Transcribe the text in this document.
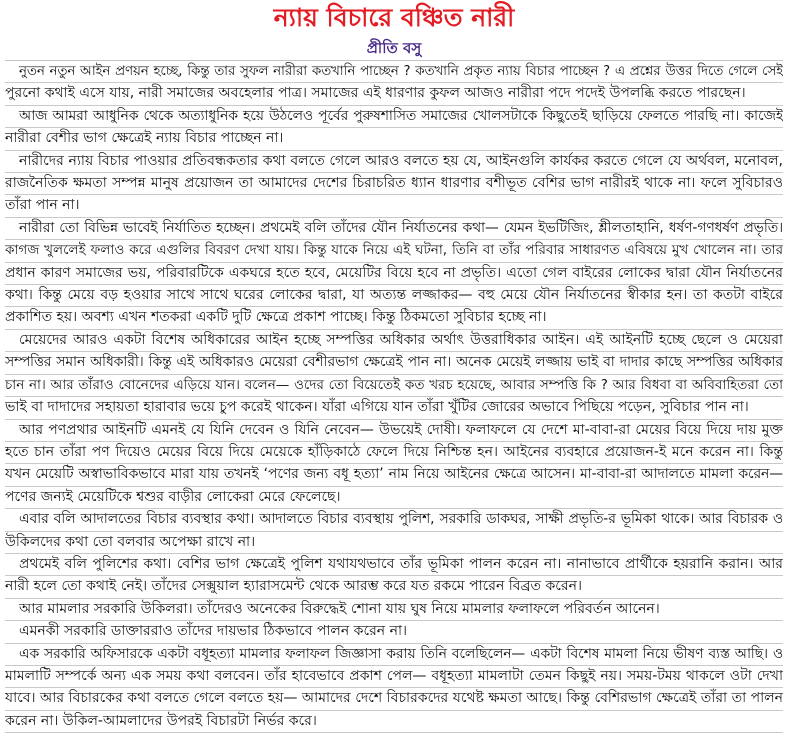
ন্যায় বিচারে বঞ্চিত নারী
প্রীতি বসু
নুতন নতুন আইন প্রণয়ন হচ্ছে, কিন্তু তার সুফল নারীরা কতখানি পাচ্ছেন ? কতখানি প্রকৃত ন্যায় বিচার পাচ্ছেন ? এ প্রশ্নের উত্তর দিতে গেলে সেই
পুরনো কথাই এসে যায়, নারী সমাজের অবহেলার পাত্র। সমাজের এই ধারণার কুফল আজও নারীরা পদে পদেই উপলব্ধি করতে পারছেন।
আজ আমরা আধুনিক থেকে অত্যাধুনিক হয়ে উঠলেও পূর্বের পুরুষশাসিত সমাজের খোলসটাকে কিছুতেই ছাড়িয়ে ফেলতে পারছি না। কাজেই
নারীরা বেশীর ভাগ ক্ষেত্রেই ন্যায় বিচার পাচ্ছেন না।
নারীদের ন্যায় বিচার পাওয়ার প্রতিবন্ধকতার কথা বলতে গেলে আরও বলতে হয় যে, আইনগুলি কার্যকর করতে গেলে যে অর্থবল, মনোবল,
রাজনৈতিক ক্ষমতা সম্পন্ন মানুষ প্রয়োজন তা আমাদের দেশের চিরাচরিত ধ্যান ধারণার বশীভূত বেশির ভাগ নারীরই থাকে না। ফলে সুবিচারও
তাঁরা পান না।
নারীরা তো বিভিন্ন ভাবেই নির্যাতিত হচ্ছেন। প্রথমেই বলি তাঁদের যৌন নির্যাতনের কথা— যেমন ইভটিজিং, শ্লীলতাহানি, ধর্ষণ-গণধর্ষণ প্রভৃতি।
কাগজ খুললেই ফলাও করে এগুলির বিবরণ দেখা যায়। কিন্তু যাকে নিয়ে এই ঘটনা, তিনি বা তাঁর পরিবার সাধারণত এবিষয়ে মুখ খোলেন না। তার
প্রধান কারণ সমাজের ভয়, পরিবারটিকে একঘরে হতে হবে, মেয়েটির বিয়ে হবে না প্রভৃতি। এতো গেল বাইরের লোকের দ্বারা যৌন নির্যাতনের
কথা। কিন্তু মেয়ে বড় হওয়ার সাথে সাথে ঘরের লোকের দ্বারা, যা অত্যন্ত লজ্জাকর— বহু মেয়ে যৌন নির্যাতনের স্বীকার হন। তা কতটা বাইরে
প্রকাশিত হয়। অবশ্য এখন শতকরা একটি দুটি ক্ষেত্রে প্রকাশ পাচ্ছে। কিন্তু ঠিকমতো সুবিচার হচ্ছে না।
মেয়েদের আরও একটা বিশেষ অধিকারের আইন হচ্ছে সম্পত্তির অধিকার অর্থাৎ উত্তরাধিকার আইন। এই আইনটি হচ্ছে ছেলে ও মেয়েরা
সম্পত্তির সমান অধিকারী। কিন্তু এই অধিকারও মেয়েরা বেশীরভাগ ক্ষেত্রেই পান না। অনেক মেয়েই লজ্জায় ভাই বা দাদার কাছে সম্পত্তির অধিকার
চান না। আর তাঁরাও বোনেদের এড়িয়ে যান। বলেন— ওদের তো বিয়েতেই কত খরচ হয়েছে, আবার সম্পত্তি কি ? আর বিধবা বা অবিবাহিতরা তো
ভাই বা দাদাদের সহায়তা হারাবার ভয়ে চুপ করেই থাকেন। যাঁরা এগিয়ে যান তাঁরা খুঁটির জোরের অভাবে পিছিয়ে পড়েন, সুবিচার পান না।
আর পণপ্রথার আইনটি এমনই যে যিনি দেবেন ও যিনি নেবেন— উভয়েই দোষী। ফলাফলে যে দেশে মা-বাবা-রা মেয়ের বিয়ে দিয়ে দায় মুক্ত
হতে চান তাঁরা পণ দিয়েও মেয়ের বিয়ে দিয়ে মেয়েকে হাঁড়িকাঠে ফেলে দিয়ে নিশ্চিন্ত হন। আইনের ব্যবহারে প্রয়োজন-ই মনে করেন না। কিন্তু
যখন মেয়েটি অস্বাভাবিকভাবে মারা যায় তখনই ‘পণের জন্য বধূ হত্যা’ নাম নিয়ে আইনের ক্ষেত্রে আসেন। মা-বাবা-রা আদালতে মামলা করেন—
পণের জন্যই মেয়েটিকে শ্বশুর বাড়ীর লোকেরা মেরে ফেলেছে।
এবার বলি আদালতের বিচার ব্যবস্থার কথা। আদালতে বিচার ব্যবস্থায় পুলিশ, সরকারি ডাকঘর, সাক্ষী প্রভৃতি-র ভূমিকা থাকে। আর বিচারক ও
উকিলদের কথা তো বলবার অপেক্ষা রাখে না।
প্রথমেই বলি পুলিশের কথা। বেশির ভাগ ক্ষেত্রেই পুলিশ যথাযথভাবে তাঁর ভূমিকা পালন করেন না। নানাভাবে প্রার্থীকে হয়রানি করান। আর
নারী হলে তো কথাই নেই। তাঁদের সেক্সুয়াল হ্যারাসমেন্ট থেকে আরম্ভ করে যত রকমে পারেন বিব্রত করেন।
আর মামলার সরকারি উকিলরা। তাঁদেরও অনেকের বিরুদ্ধেই শোনা যায় ঘুষ নিয়ে মামলার ফলাফলে পরিবর্তন আনেন।
এমনকী সরকারি ডাক্তাররাও তাঁদের দায়ভার ঠিকভাবে পালন করেন না।
এক সরকারি অফিসারকে একটা বধূহত্যা মামলার ফলাফল জিজ্ঞাসা করায় তিনি বলেছিলেন— একটা বিশেষ মামলা নিয়ে ভীষণ ব্যস্ত আছি। ও
মামলাটি সম্পর্কে অন্য এক সময় কথা বলবেন। তাঁর হাবেভাবে প্রকাশ পেল— বধূহত্যা মামলাটা তেমন কিছুই নয়। সময়-টময় থাকলে ওটা দেখা
যাবে। আর বিচারকের কথা বলতে গেলে বলতে হয়— আমাদের দেশে বিচারকদের যথেষ্ট ক্ষমতা আছে। কিন্তু বেশিরভাগ ক্ষেত্রেই তাঁরা তা পালন
করেন না। উকিল-আমলাদের উপরই বিচারটা নির্ভর করে।
